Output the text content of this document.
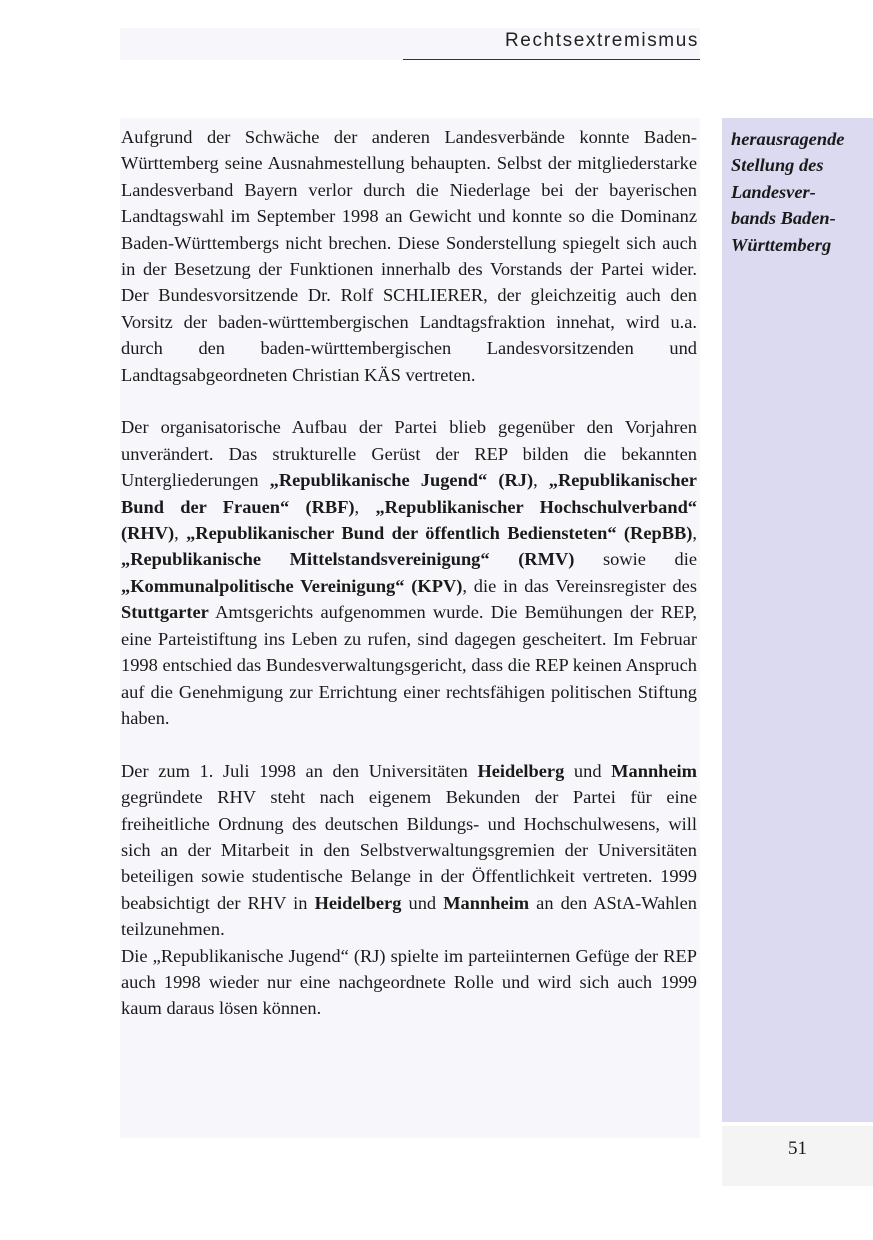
Rechtsextremismus

Aufgrund der Schwäche der anderen Landesverbände konnte Baden-Württemberg seine Ausnahmestellung behaupten. Selbst der mitgliederstarke Landesverband Bayern verlor durch die Niederlage bei der bayerischen Landtagswahl im September 1998 an Gewicht und konnte so die Dominanz Baden-Württembergs nicht brechen. Diese Sonderstellung spiegelt sich auch in der Besetzung der Funktionen innerhalb des Vorstands der Partei wider. Der Bundesvorsitzende Dr. Rolf SCHLIERER, der gleichzeitig auch den Vorsitz der baden-württembergischen Landtagsfraktion innehat, wird u.a. durch den baden-württembergischen Landesvorsitzenden und Landtagsabgeordneten Christian KÄS vertreten.

Der organisatorische Aufbau der Partei blieb gegenüber den Vorjahren unverändert. Das strukturelle Gerüst der REP bilden die bekannten Untergliederungen „Republikanische Jugend“ (RJ), „Republikanischer Bund der Frauen“ (RBF), „Republikanischer Hochschulverband“ (RHV), „Republikanischer Bund der öffentlich Bediensteten“ (RepBB), „Republikanische Mittelstandsvereinigung“ (RMV) sowie die „Kommunalpolitische Vereinigung“ (KPV), die in das Vereinsregister des Stuttgarter Amtsgerichts aufgenommen wurde. Die Bemühungen der REP, eine Parteistiftung ins Leben zu rufen, sind dagegen gescheitert. Im Februar 1998 entschied das Bundesverwaltungsgericht, dass die REP keinen Anspruch auf die Genehmigung zur Errichtung einer rechtsfähigen politischen Stiftung haben.

Der zum 1. Juli 1998 an den Universitäten Heidelberg und Mannheim gegründete RHV steht nach eigenem Bekunden der Partei für eine freiheitliche Ordnung des deutschen Bildungs- und Hochschulwesens, will sich an der Mitarbeit in den Selbstverwaltungsgremien der Universitäten beteiligen sowie studentische Belange in der Öffentlichkeit vertreten. 1999 beabsichtigt der RHV in Heidelberg und Mannheim an den AStA-Wahlen teilzunehmen.

Die „Republikanische Jugend“ (RJ) spielte im parteiinternen Gefüge der REP auch 1998 wieder nur eine nachgeordnete Rolle und wird sich auch 1999 kaum daraus lösen können.

herausragende
Stellung des
Landesver-
bands Baden-
Württemberg
51
